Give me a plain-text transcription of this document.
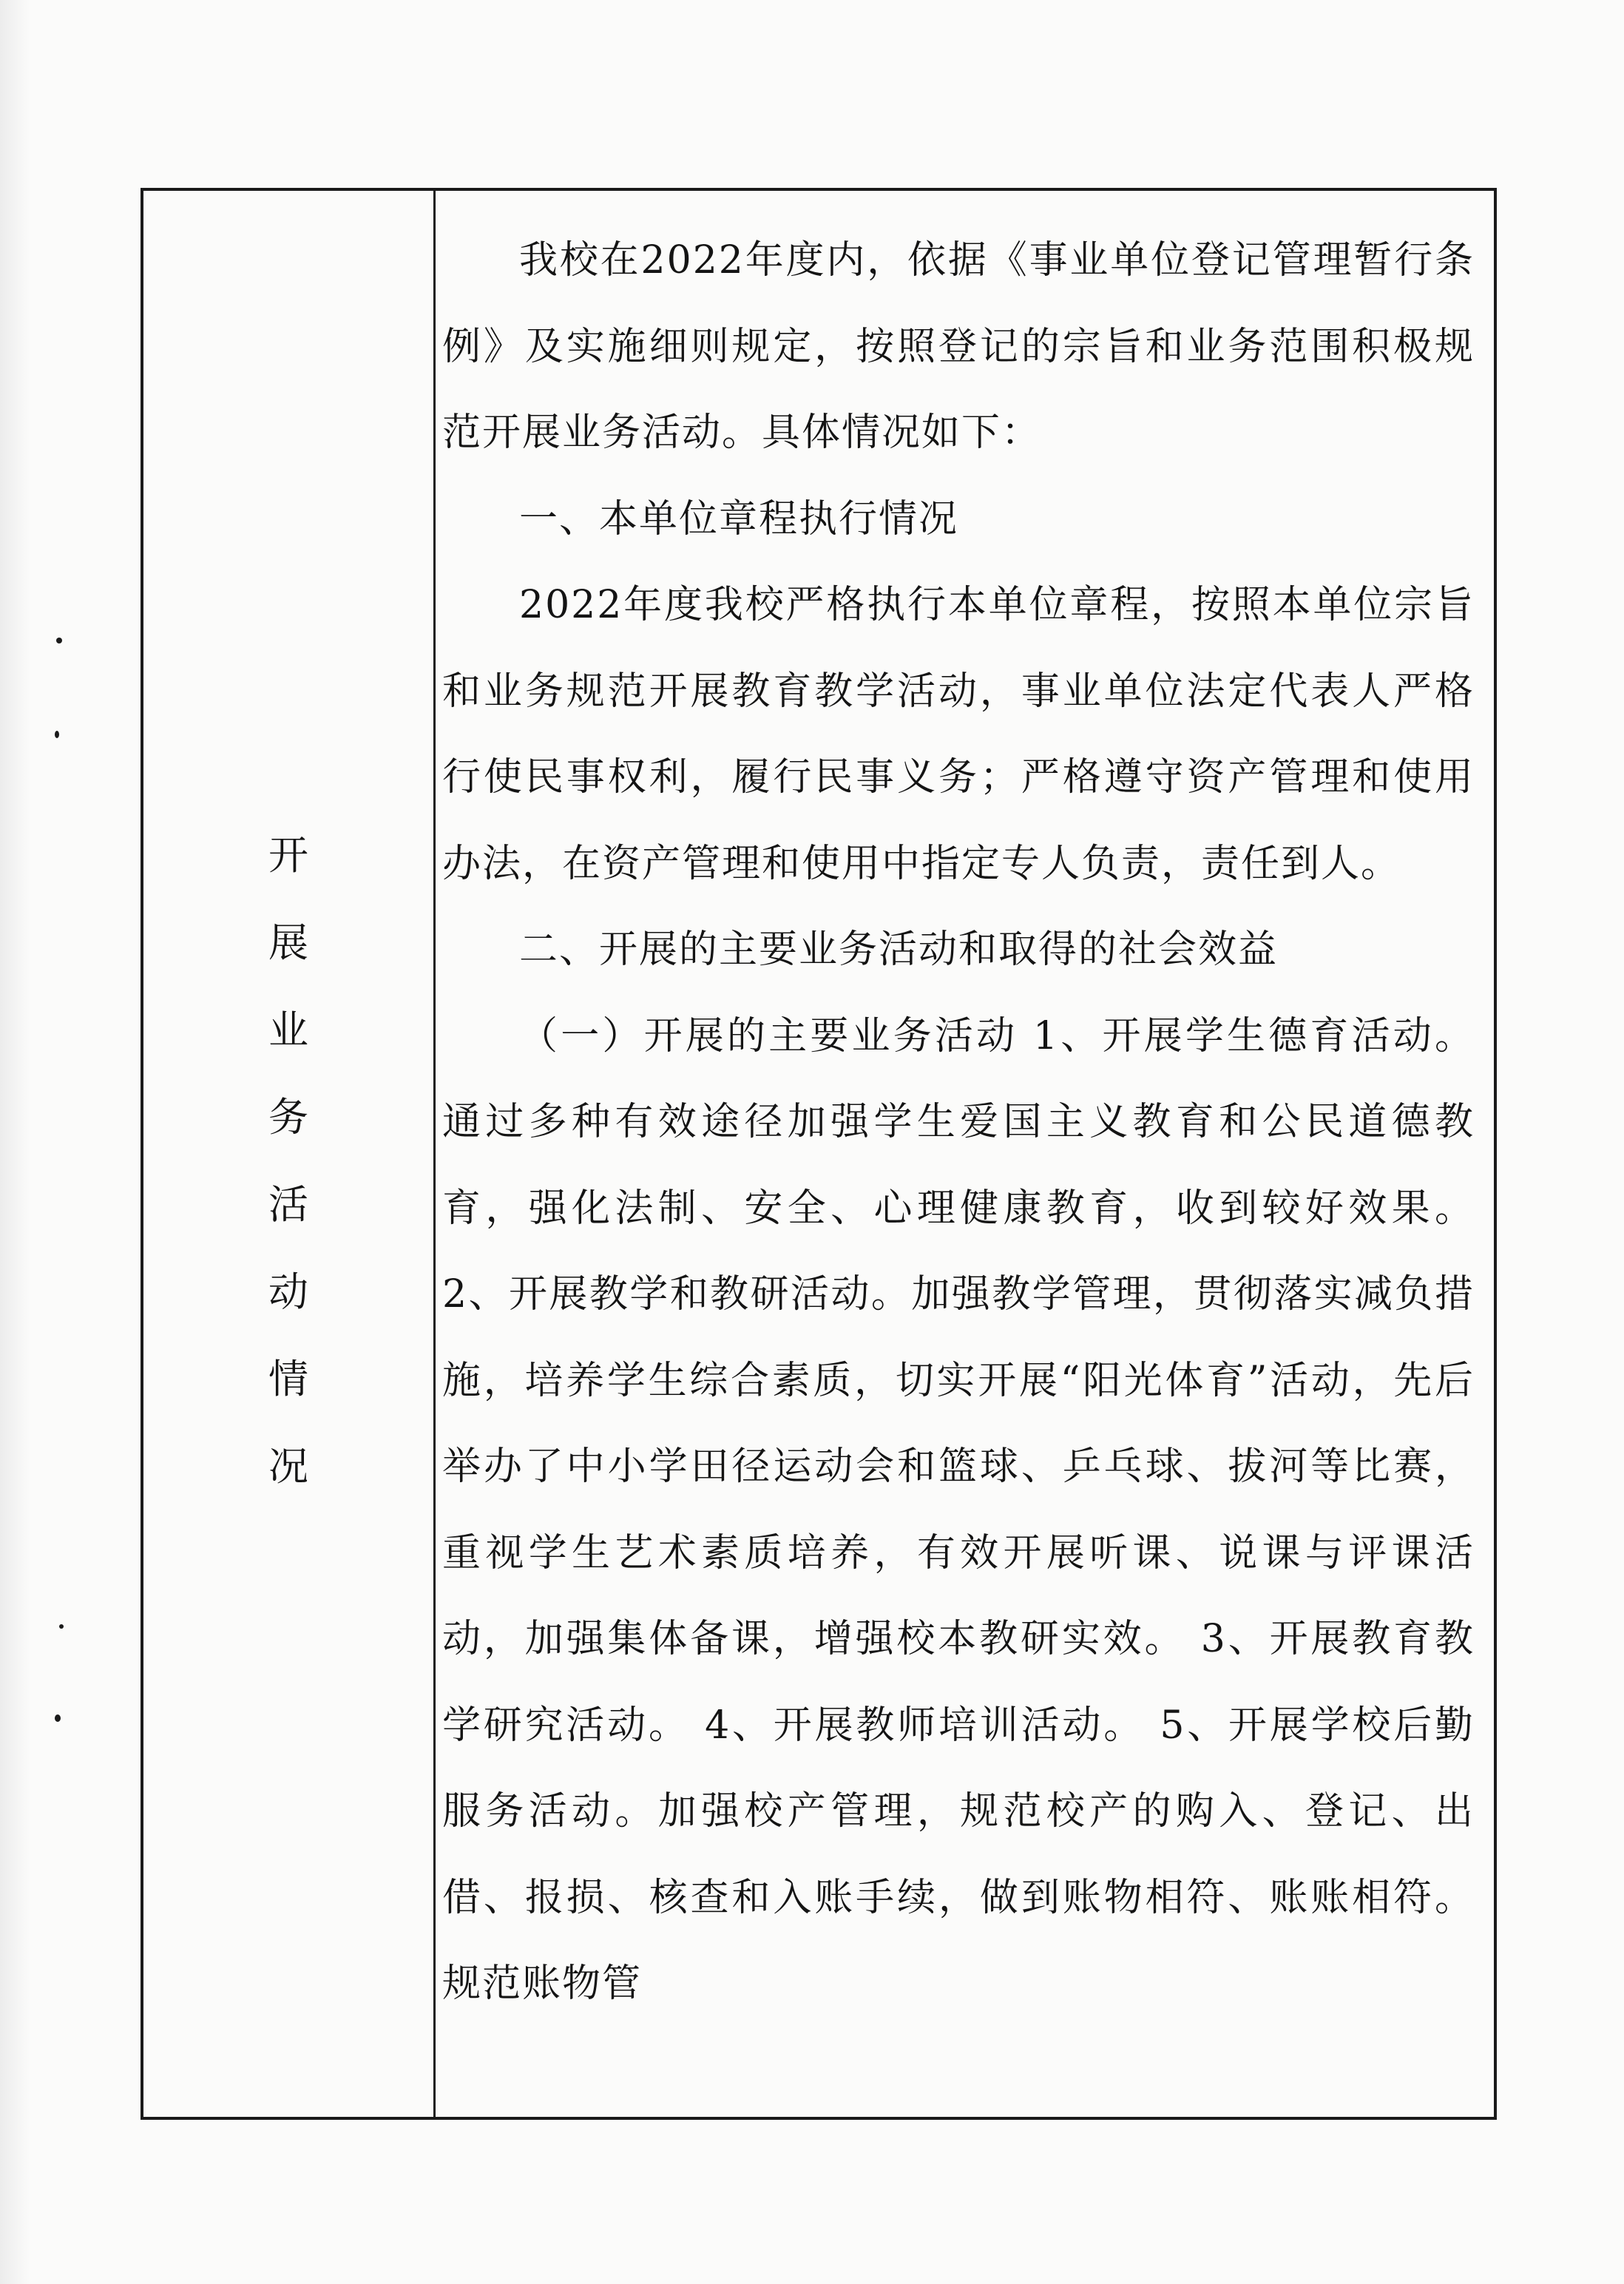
开
展
业
务
活
动
情
况

我校在2022年度内，依据《事业单位登记管理暂行条例》及实施细则规定，按照登记的宗旨和业务范围积极规范开展业务活动。具体情况如下：

一、本单位章程执行情况

2022年度我校严格执行本单位章程，按照本单位宗旨和业务规范开展教育教学活动，事业单位法定代表人严格行使民事权利，履行民事义务；严格遵守资产管理和使用办法，在资产管理和使用中指定专人负责，责任到人。

二、开展的主要业务活动和取得的社会效益

（一）开展的主要业务活动 1、开展学生德育活动。通过多种有效途径加强学生爱国主义教育和公民道德教育，强化法制、安全、心理健康教育，收到较好效果。 2、开展教学和教研活动。加强教学管理，贯彻落实减负措施，培养学生综合素质，切实开展“阳光体育”活动，先后举办了中小学田径运动会和篮球、乒乓球、拔河等比赛，重视学生艺术素质培养，有效开展听课、说课与评课活动，加强集体备课，增强校本教研实效。 3、开展教育教学研究活动。 4、开展教师培训活动。 5、开展学校后勤服务活动。加强校产管理，规范校产的购入、登记、出借、报损、核查和入账手续，做到账物相符、账账相符。规范账物管
